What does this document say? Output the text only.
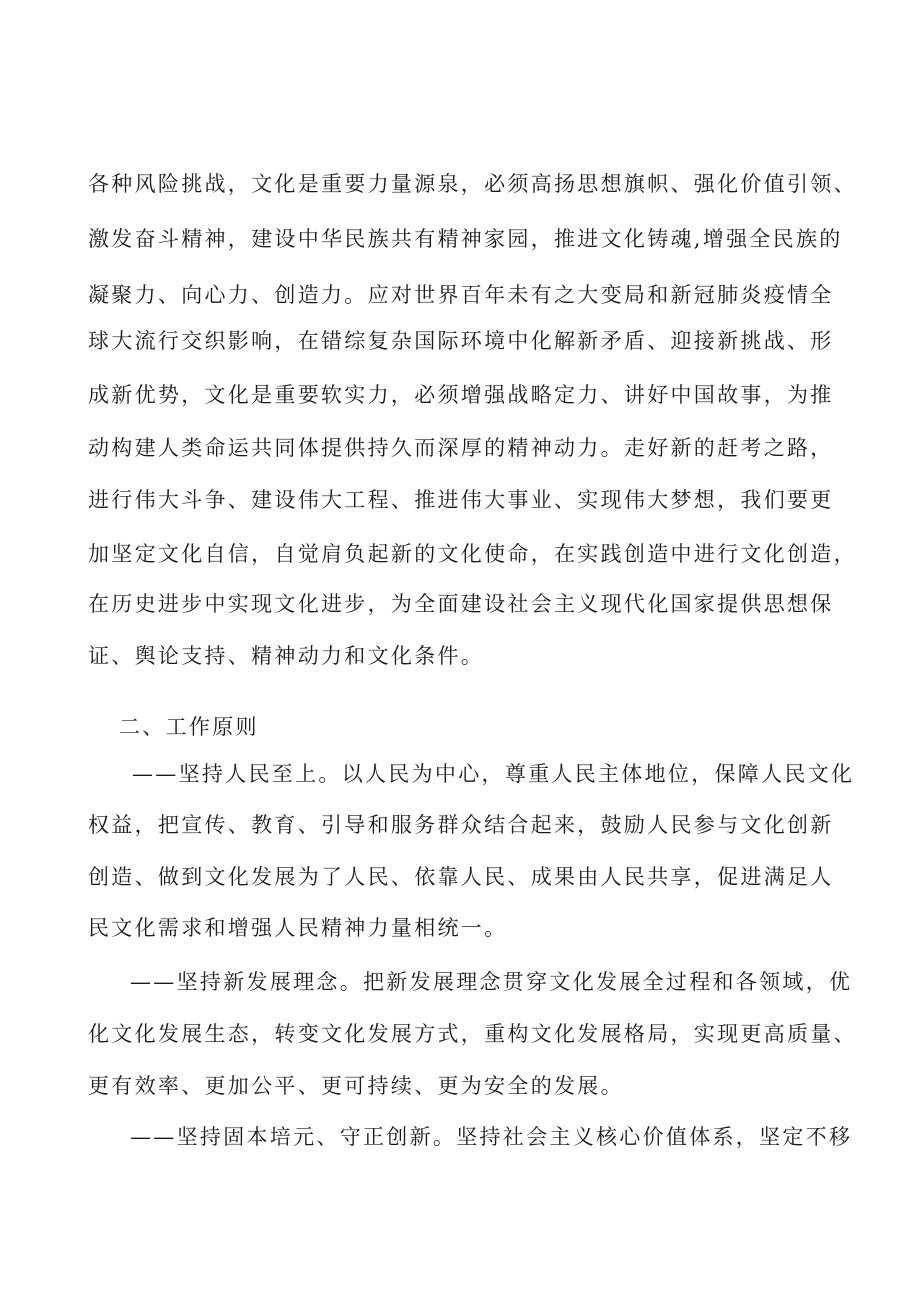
各种风险挑战，文化是重要力量源泉，必须高扬思想旗帜、强化价值引领、
激发奋斗精神，建设中华民族共有精神家园，推进文化铸魂,增强全民族的
凝聚力、向心力、创造力。应对世界百年未有之大变局和新冠肺炎疫情全
球大流行交织影响，在错综复杂国际环境中化解新矛盾、迎接新挑战、形
成新优势，文化是重要软实力，必须增强战略定力、讲好中国故事，为推
动构建人类命运共同体提供持久而深厚的精神动力。走好新的赶考之路，
进行伟大斗争、建设伟大工程、推进伟大事业、实现伟大梦想，我们要更
加坚定文化自信，自觉肩负起新的文化使命，在实践创造中进行文化创造，
在历史进步中实现文化进步，为全面建设社会主义现代化国家提供思想保
证、舆论支持、精神动力和文化条件。
二、工作原则
——坚持人民至上。以人民为中心，尊重人民主体地位，保障人民文化
权益，把宣传、教育、引导和服务群众结合起来，鼓励人民参与文化创新
创造、做到文化发展为了人民、依靠人民、成果由人民共享，促进满足人
民文化需求和增强人民精神力量相统一。
——坚持新发展理念。把新发展理念贯穿文化发展全过程和各领域，优
化文化发展生态，转变文化发展方式，重构文化发展格局，实现更高质量、
更有效率、更加公平、更可持续、更为安全的发展。
——坚持固本培元、守正创新。坚持社会主义核心价值体系，坚定不移
